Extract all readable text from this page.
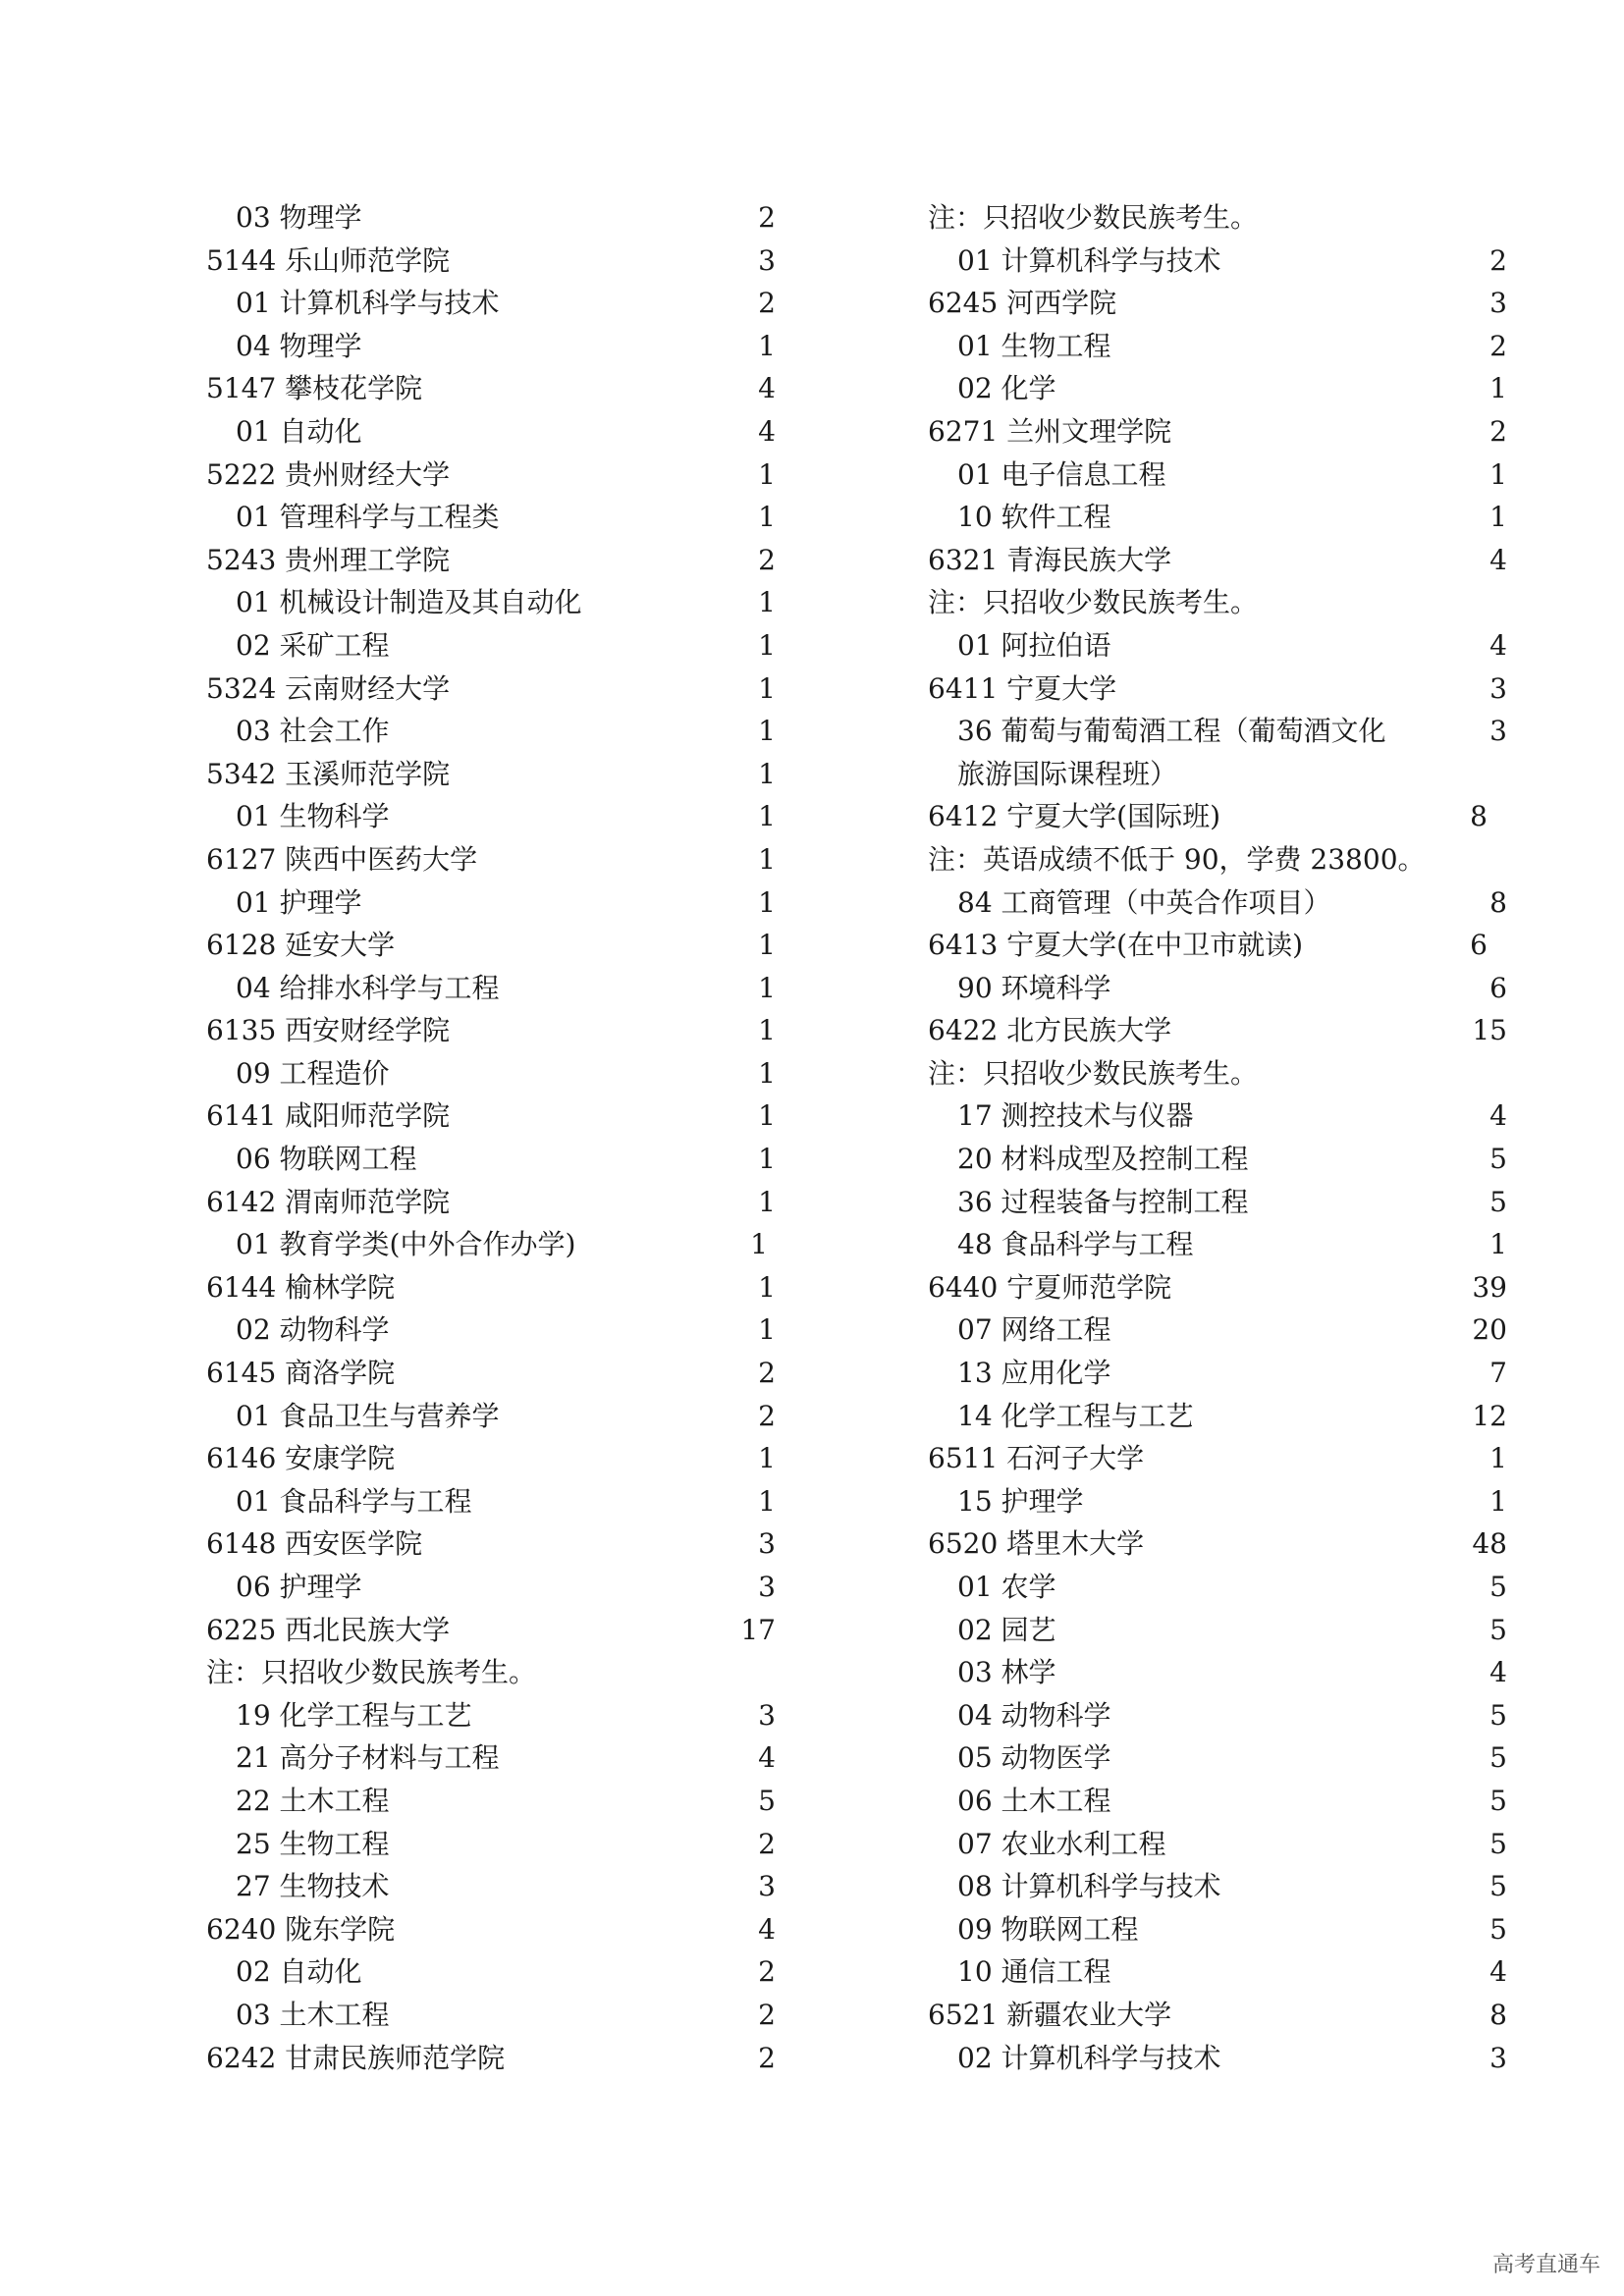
03 物理学	2
5144 乐山师范学院	3
01 计算机科学与技术	2
04 物理学	1
5147 攀枝花学院	4
01 自动化	4
5222 贵州财经大学	1
01 管理科学与工程类	1
5243 贵州理工学院	2
01 机械设计制造及其自动化	1
02 采矿工程	1
5324 云南财经大学	1
03 社会工作	1
5342 玉溪师范学院	1
01 生物科学	1
6127 陕西中医药大学	1
01 护理学	1
6128 延安大学	1
04 给排水科学与工程	1
6135 西安财经学院	1
09 工程造价	1
6141 咸阳师范学院	1
06 物联网工程	1
6142 渭南师范学院	1
01 教育学类(中外合作办学)	1
6144 榆林学院	1
02 动物科学	1
6145 商洛学院	2
01 食品卫生与营养学	2
6146 安康学院	1
01 食品科学与工程	1
6148 西安医学院	3
06 护理学	3
6225 西北民族大学	17
注：只招收少数民族考生。
19 化学工程与工艺	3
21 高分子材料与工程	4
22 土木工程	5
25 生物工程	2
27 生物技术	3
6240 陇东学院	4
02 自动化	2
03 土木工程	2
6242 甘肃民族师范学院	2
注：只招收少数民族考生。
01 计算机科学与技术	2
6245 河西学院	3
01 生物工程	2
02 化学	1
6271 兰州文理学院	2
01 电子信息工程	1
10 软件工程	1
6321 青海民族大学	4
注：只招收少数民族考生。
01 阿拉伯语	4
6411 宁夏大学	3
36 葡萄与葡萄酒工程（葡萄酒文化	3
旅游国际课程班）
6412 宁夏大学(国际班)	8
注：英语成绩不低于 90，学费 23800。
84 工商管理（中英合作项目）	8
6413 宁夏大学(在中卫市就读)	6
90 环境科学	6
6422 北方民族大学	15
注：只招收少数民族考生。
17 测控技术与仪器	4
20 材料成型及控制工程	5
36 过程装备与控制工程	5
48 食品科学与工程	1
6440 宁夏师范学院	39
07 网络工程	20
13 应用化学	7
14 化学工程与工艺	12
6511 石河子大学	1
15 护理学	1
6520 塔里木大学	48
01 农学	5
02 园艺	5
03 林学	4
04 动物科学	5
05 动物医学	5
06 土木工程	5
07 农业水利工程	5
08 计算机科学与技术	5
09 物联网工程	5
10 通信工程	4
6521 新疆农业大学	8
02 计算机科学与技术	3
高考直通车
